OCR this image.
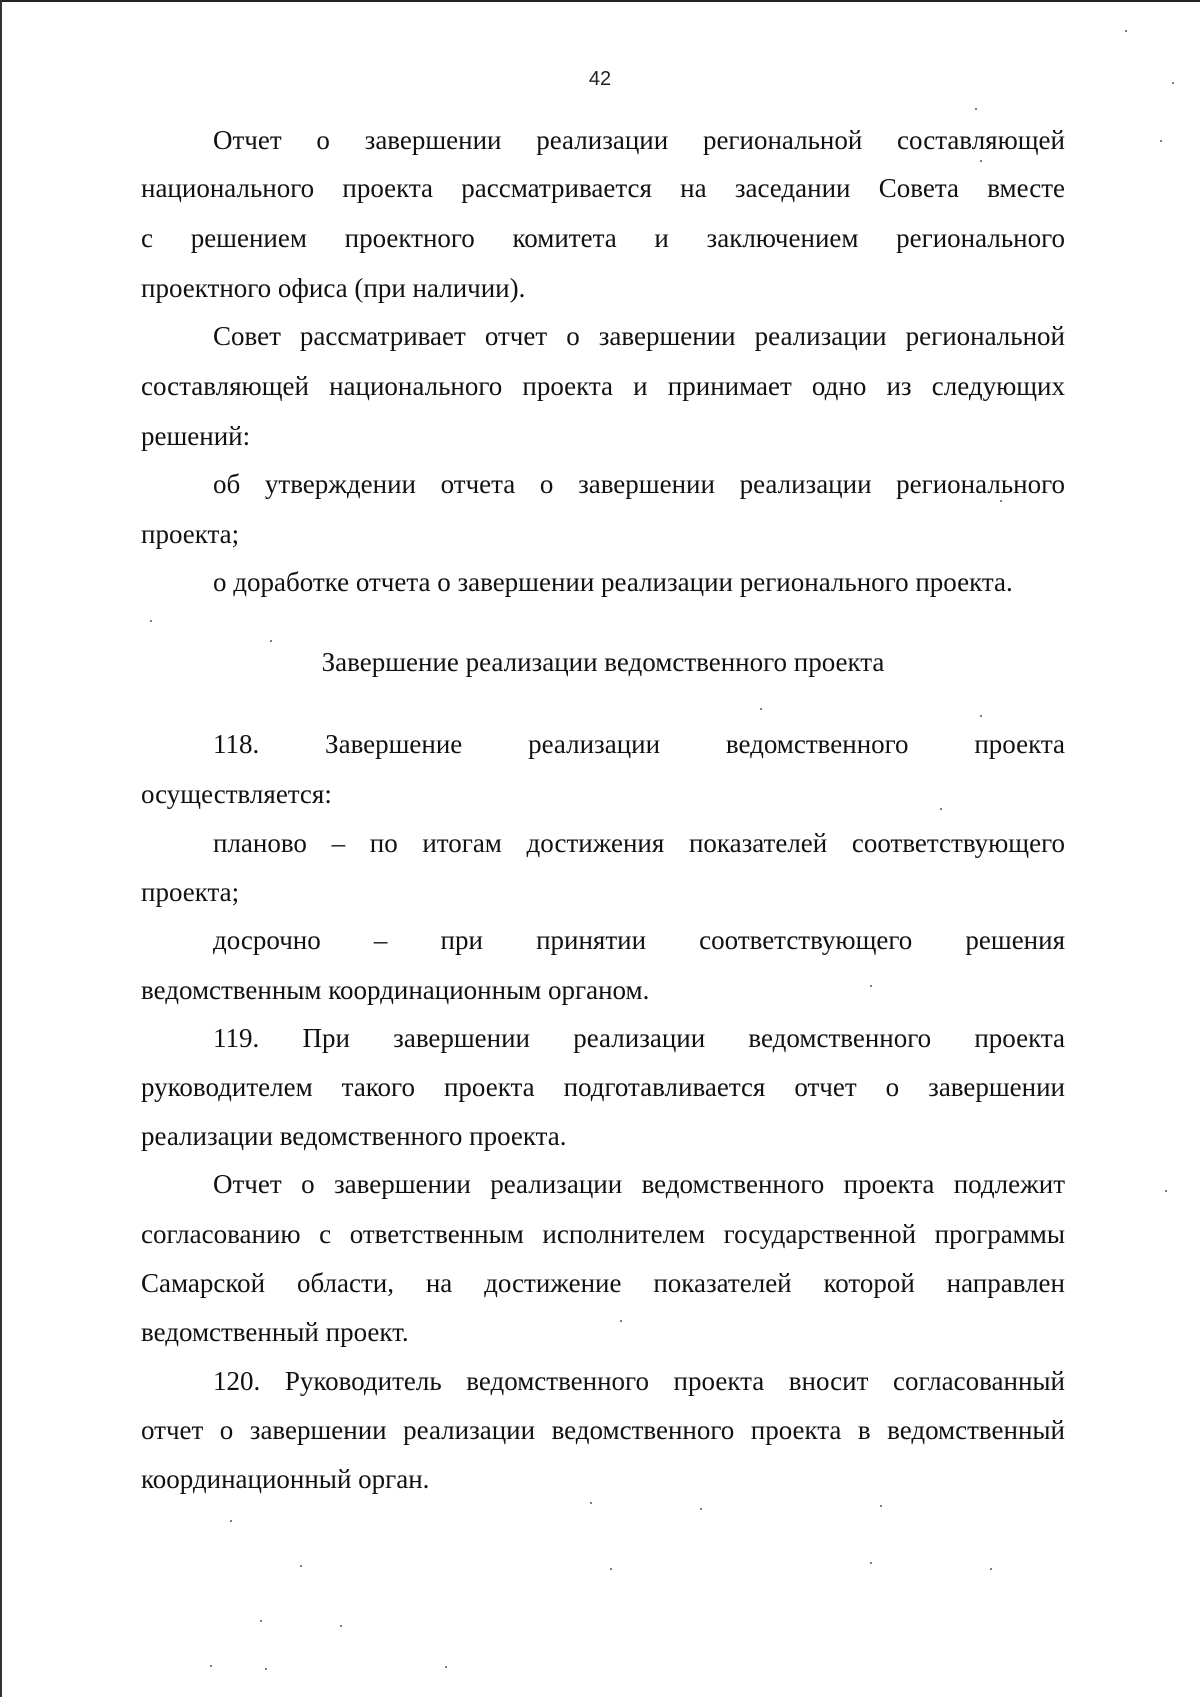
42
Отчет о завершении реализации региональной составляющей
национального проекта рассматривается на заседании Совета вместе
с решением проектного комитета и заключением регионального
проектного офиса (при наличии).
Совет рассматривает отчет о завершении реализации региональной
составляющей национального проекта и принимает одно из следующих
решений:
об утверждении отчета о завершении реализации регионального
проекта;
о доработке отчета о завершении реализации регионального проекта.
Завершение реализации ведомственного проекта
118. Завершение реализации ведомственного проекта
осуществляется:
планово – по итогам достижения показателей соответствующего
проекта;
досрочно – при принятии соответствующего решения
ведомственным координационным органом.
119. При завершении реализации ведомственного проекта
руководителем такого проекта подготавливается отчет о завершении
реализации ведомственного проекта.
Отчет о завершении реализации ведомственного проекта подлежит
согласованию с ответственным исполнителем государственной программы
Самарской области, на достижение показателей которой направлен
ведомственный проект.
120. Руководитель ведомственного проекта вносит согласованный
отчет о завершении реализации ведомственного проекта в ведомственный
координационный орган.
